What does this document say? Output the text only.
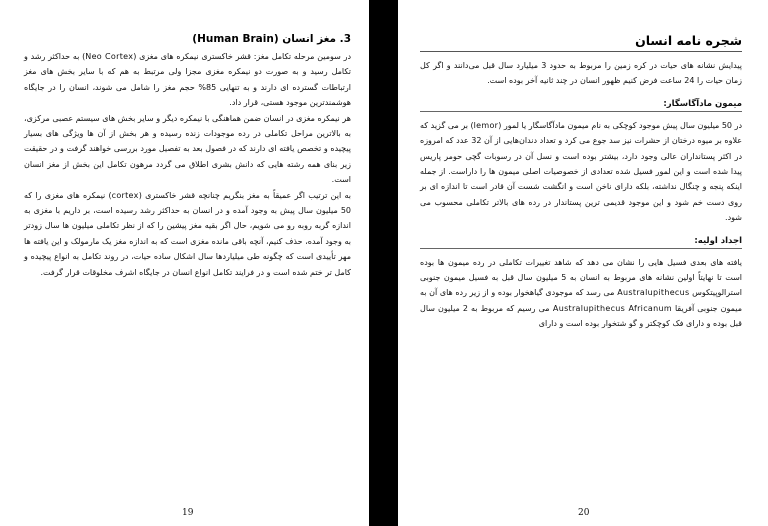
3. مغز انسان (Human Brain)

در سومین مرحله تکامل مغز: قشر خاکستری نیمکره های مغزی (Neo Cortex) به حداکثر رشد و تکامل رسید و به صورت دو نیمکره مغزی مجزا ولی مرتبط به هم که با سایر بخش های مغز ارتباطات گسترده ای دارند و به تنهایی 85% حجم مغز را شامل می شوند، انسان را در جایگاه هوشمندترین موجود هستی، قرار داد.

هر نیمکره مغزی در انسان ضمن هماهنگی با نیمکره دیگر و سایر بخش های سیستم عصبی مرکزی، به بالاترین مراحل تکاملی در رده موجودات زنده رسیده و هر بخش از آن ها ویژگی های بسیار پیچیده و تخصص یافته ای دارند که در فصول بعد به تفصیل مورد بررسی خواهند گرفت و در حقیقت زیر بنای همه رشته هایی که دانش بشری اطلاق می گردد مرهون تکامل این بخش از مغز انسان است.

به این ترتیب اگر عمیقاً به مغز بنگریم چنانچه قشر خاکستری (cortex) نیمکره های مغزی را که 50 میلیون سال پیش به وجود آمده و در انسان به حداکثر رشد رسیده است، بر داریم با مغزی به اندازه گربه روبه رو می شویم، حال اگر بقیه مغز پیشین را که از نظر تکاملی میلیون ها سال زودتر به وجود آمده، حذف کنیم، آنچه باقی مانده مغزی است که به اندازه مغز یک مارمولک و این یافته ها مهر تأییدی است که چگونه طی میلیاردها سال اشکال ساده حیات، در روند تکامل به انواع پیچیده و کامل تر ختم شده است و در فرایند تکامل انواع انسان در جایگاه اشرف مخلوقات قرار گرفت.

19
شجره نامه انسان

پیدایش نشانه های حیات در کره زمین را مربوط به حدود 3 میلیارد سال قبل می‌دانند و اگر کل زمان حیات را 24 ساعت فرض کنیم ظهور انسان در چند ثانیه آخر بوده است.

میمون مادآگاسگار:

در 50 میلیون سال پیش موجود کوچکی به نام میمون مادآگاسگار یا لمور (lemor) بر می گزید که علاوه بر میوه درختان از حشرات نیز سد جوع می کرد و تعداد دندان‌هایی از آن 32 عدد که امروزه در اکثر پستانداران عالی وجود دارد، بیشتر بوده است و نسل آن در رسوبات گچی حومر پاریس پیدا شده است و این لمور فسیل شده تعدادی از خصوصیات اصلی میمون ها را داراست. از جمله اینکه پنجه و چنگال نداشته، بلکه دارای ناخن است و انگشت شست آن قادر است تا اندازه ای بر روی دست خم شود و این موجود قدیمی ترین پستاندار در رده های بالاتر تکاملی محسوب می شود.

اجداد اولیه:

یافته های بعدی فسیل هایی را نشان می دهد که شاهد تغییرات تکاملی در رده میمون ها بوده است تا نهایتاً اولین نشانه های مربوط به انسان به 5 میلیون سال قبل به فسیل میمون جنوبی استرالوپیتکوس Australupithecus می رسد که موجودی گیاهخوار بوده و از زیر رده های آن به میمون جنوبی آفریقا Australupithecus Africanum می رسیم که مربوط به 2 میلیون سال قبل بوده و دارای فک کوچکتر و گو شتخوار بوده است و دارای

20
